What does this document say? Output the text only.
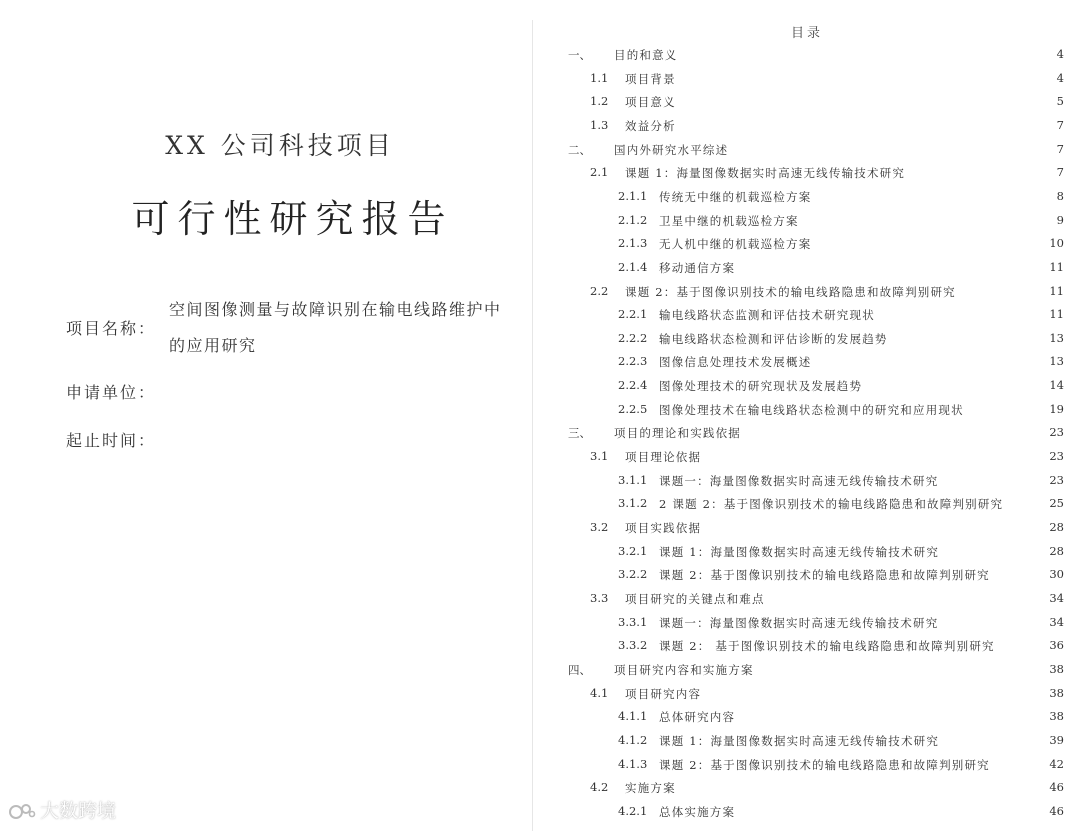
XX 公司科技项目
可行性研究报告
项目名称：
空间图像测量与故障识别在输电线路维护中的应用研究
申请单位：
起止时间：
大数跨境
目录
一、 目的和意义	4
1.1 项目背景	4
1.2 项目意义	5
1.3 效益分析	7
二、 国内外研究水平综述	7
2.1 课题 1：海量图像数据实时高速无线传输技术研究	7
2.1.1 传统无中继的机载巡检方案	8
2.1.2 卫星中继的机载巡检方案	9
2.1.3 无人机中继的机载巡检方案	10
2.1.4 移动通信方案	11
2.2 课题 2：基于图像识别技术的输电线路隐患和故障判别研究	11
2.2.1 输电线路状态监测和评估技术研究现状	11
2.2.2 输电线路状态检测和评估诊断的发展趋势	13
2.2.3 图像信息处理技术发展概述	13
2.2.4 图像处理技术的研究现状及发展趋势	14
2.2.5 图像处理技术在输电线路状态检测中的研究和应用现状	19
三、 项目的理论和实践依据	23
3.1 项目理论依据	23
3.1.1 课题一：海量图像数据实时高速无线传输技术研究	23
3.1.2 2 课题 2：基于图像识别技术的输电线路隐患和故障判别研究	25
3.2 项目实践依据	28
3.2.1 课题 1：海量图像数据实时高速无线传输技术研究	28
3.2.2 课题 2：基于图像识别技术的输电线路隐患和故障判别研究	30
3.3 项目研究的关键点和难点	34
3.3.1 课题一：海量图像数据实时高速无线传输技术研究	34
3.3.2 课题 2： 基于图像识别技术的输电线路隐患和故障判别研究	36
四、 项目研究内容和实施方案	38
4.1 项目研究内容	38
4.1.1 总体研究内容	38
4.1.2 课题 1：海量图像数据实时高速无线传输技术研究	39
4.1.3 课题 2：基于图像识别技术的输电线路隐患和故障判别研究	42
4.2 实施方案	46
4.2.1 总体实施方案	46
